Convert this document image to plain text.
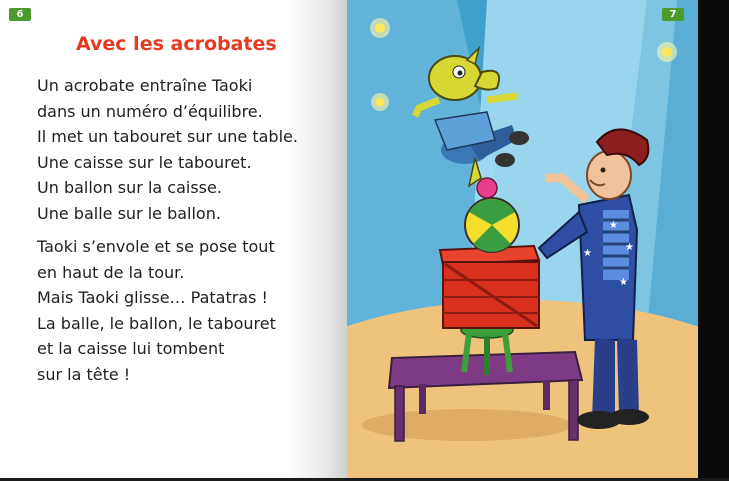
6
Avec les acrobates
Un acrobate entraîne Taoki
dans un numéro d’équilibre.
Il met un tabouret sur une table.
Une caisse sur le tabouret.
Un ballon sur la caisse.
Une balle sur le ballon.
Taoki s’envole et se pose tout
en haut de la tour.
Mais Taoki glisse… Patatras !
La balle, le ballon, le tabouret
et la caisse lui tombent
sur la tête !
★
★
★
★
7
